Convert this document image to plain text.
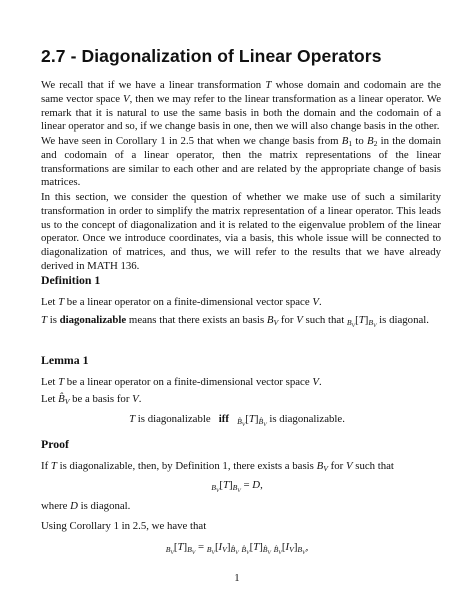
2.7 - Diagonalization of Linear Operators
We recall that if we have a linear transformation T whose domain and codomain are the same vector space V, then we may refer to the linear transformation as a linear operator. We remark that it is natural to use the same basis in both the domain and the codomain of a linear operator and so, if we change basis in one, then we will also change basis in the other.
We have seen in Corollary 1 in 2.5 that when we change basis from $B_1$ to $B_2$ in the domain and codomain of a linear operator, then the matrix representations of the linear transformations are similar to each other and are related by the appropriate change of basis matrices.
In this section, we consider the question of whether we make use of such a similarity transformation in order to simplify the matrix representation of a linear operator. This leads us to the concept of diagonalization and it is related to the eigenvalue problem of the linear operator. Once we introduce coordinates, via a basis, this whole issue will be connected to diagonalization of matrices, and thus, we will refer to the results that we have already derived in MATH 136.
Definition 1
Let T be a linear operator on a finite-dimensional vector space V.
T is diagonalizable means that there exists an basis $B_V$ for V such that $_{B_V}[T]_{B_V}$ is diagonal.
Lemma 1
Let T be a linear operator on a finite-dimensional vector space V.
Let $B̂_V$ be a basis for V.
T is diagonalizable   iff $_{B̂_V}[T]_{B̂_V}$ is diagonalizable.
Proof
If T is diagonalizable, then, by Definition 1, there exists a basis $B_V$ for V such that
$_{B_V}[T]_{B_V} = D$,
where D is diagonal.
Using Corollary 1 in 2.5, we have that
$_{B_V}[T]_{B_V} = _{B_V}[I_V]_{B̂_V}$ $_{B̂_V}[T]_{B̂_V}$ $_{B̂_V}[I_V]_{B_V}$,
1
